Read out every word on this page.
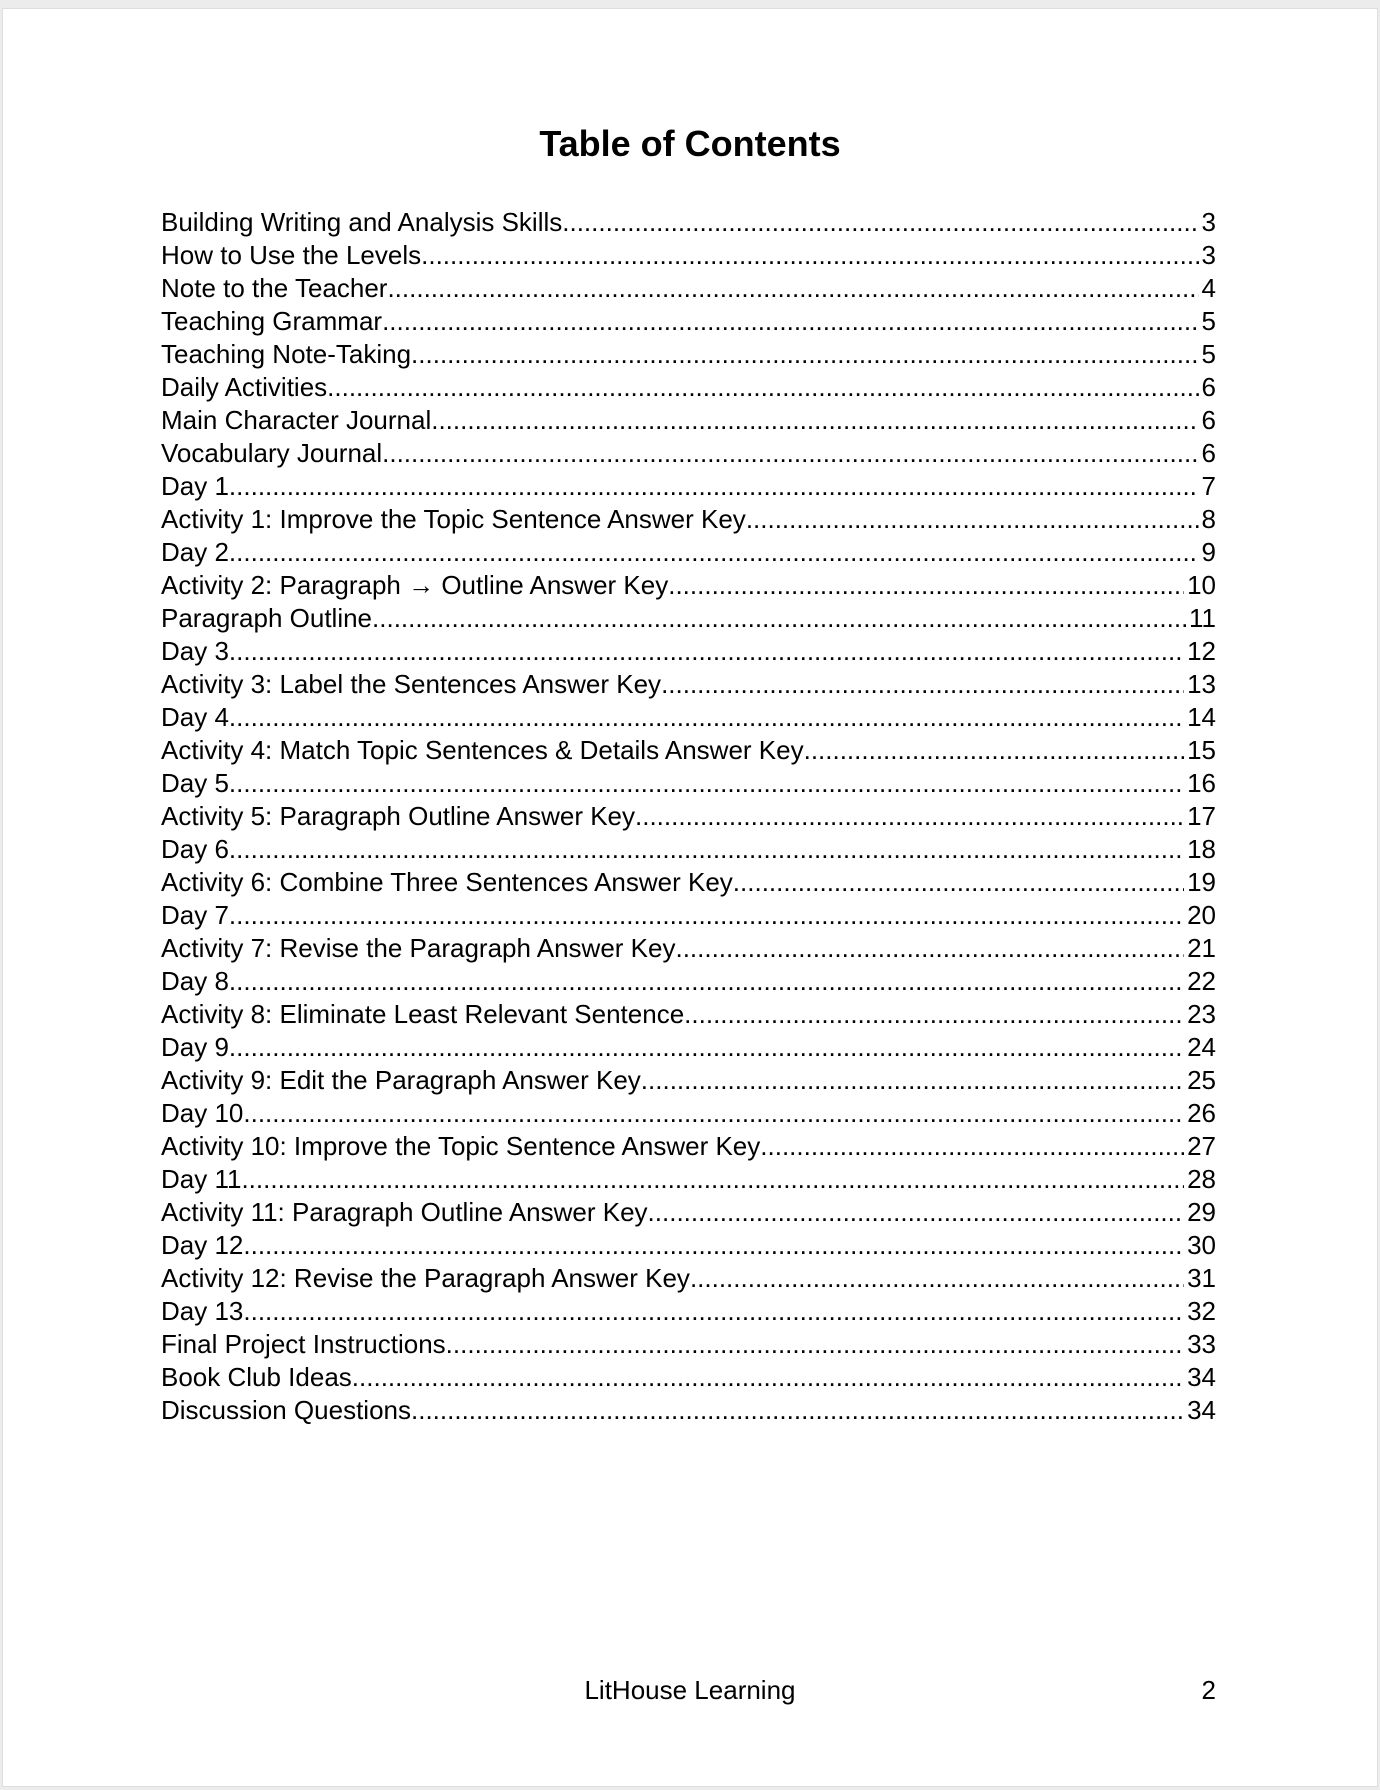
Table of Contents
Building Writing and Analysis Skills .....	3
How to Use the Levels .....	3
Note to the Teacher .....	4
Teaching Grammar .....	5
Teaching Note-Taking .....	5
Daily Activities .....	6
Main Character Journal .....	6
Vocabulary Journal .....	6
Day 1 .....	7
Activity 1: Improve the Topic Sentence Answer Key .....	8
Day 2 .....	9
Activity 2: Paragraph → Outline Answer Key .....	10
Paragraph Outline .....	11
Day 3 .....	12
Activity 3: Label the Sentences Answer Key .....	13
Day 4 .....	14
Activity 4: Match Topic Sentences & Details Answer Key .....	15
Day 5 .....	16
Activity 5: Paragraph Outline Answer Key .....	17
Day 6 .....	18
Activity 6: Combine Three Sentences Answer Key .....	19
Day 7 .....	20
Activity 7: Revise the Paragraph Answer Key .....	21
Day 8 .....	22
Activity 8: Eliminate Least Relevant Sentence .....	23
Day 9 .....	24
Activity 9: Edit the Paragraph Answer Key .....	25
Day 10 .....	26
Activity 10: Improve the Topic Sentence Answer Key .....	27
Day 11 .....	28
Activity 11: Paragraph Outline Answer Key .....	29
Day 12 .....	30
Activity 12: Revise the Paragraph Answer Key .....	31
Day 13 .....	32
Final Project Instructions .....	33
Book Club Ideas .....	34
Discussion Questions .....	34
LitHouse Learning	2
